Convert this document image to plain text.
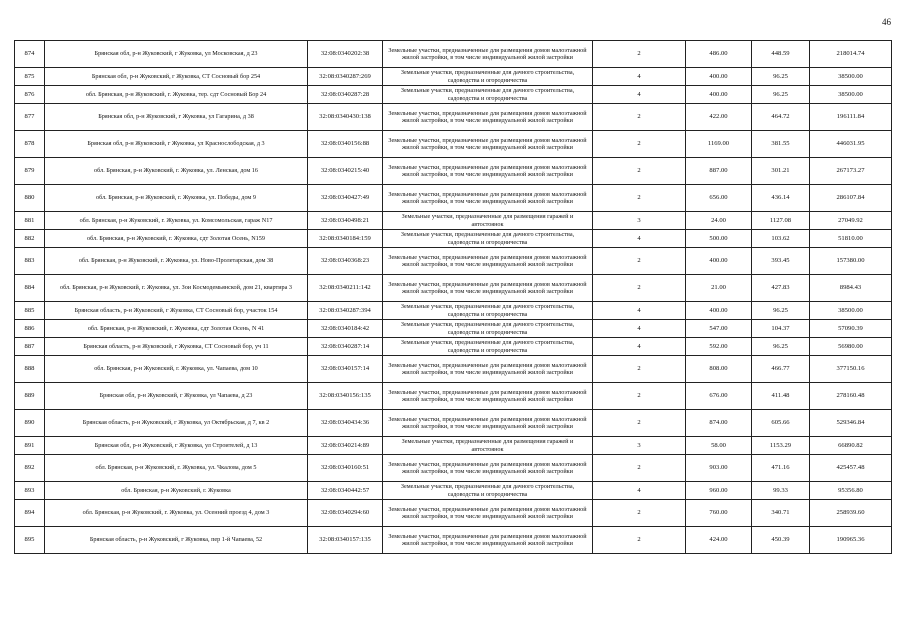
46
874	Брянская обл, р-н Жуковский, г Жуковка, ул Московская, д 23	32:08:0340202:38	Земельные участки, предназначенные для размещения домов малоэтажной жилой застройки, в том числе индивидуальной жилой застройки	2	486.00	448.59	218014.74
875	Брянская обл, р-н Жуковский, г Жуковка, СТ Сосновый бор 254	32:08:0340287:269	Земельные участки, предназначенные для дачного строительства, садоводства и огородничества	4	400.00	96.25	38500.00
876	обл. Брянская, р-н Жуковский, г. Жуковка, тер. сдт Сосновый Бор 24	32:08:0340287:28	Земельные участки, предназначенные для дачного строительства, садоводства и огородничества	4	400.00	96.25	38500.00
877	Брянская обл, р-н Жуковский, г Жуковка, ул Гагарина, д 38	32:08:0340430:138	Земельные участки, предназначенные для размещения домов малоэтажной жилой застройки, в том числе индивидуальной жилой застройки	2	422.00	464.72	196111.84
878	Брянская обл, р-н Жуковский, г Жуковка, ул Краснослободская, д 3	32:08:0340156:88	Земельные участки, предназначенные для размещения домов малоэтажной жилой застройки, в том числе индивидуальной жилой застройки	2	1169.00	381.55	446031.95
879	обл. Брянская, р-н Жуковский, г. Жуковка, ул. Ленская, дом 16	32:08:0340215:40	Земельные участки, предназначенные для размещения домов малоэтажной жилой застройки, в том числе индивидуальной жилой застройки	2	887.00	301.21	267173.27
880	обл. Брянская, р-н Жуковский, г. Жуковка, ул. Победы, дом 9	32:08:0340427:49	Земельные участки, предназначенные для размещения домов малоэтажной жилой застройки, в том числе индивидуальной жилой застройки	2	656.00	436.14	286107.84
881	обл. Брянская, р-н Жуковский, г. Жуковка, ул. Комсомольская, гараж N17	32:08:0340498:21	Земельные участки, предназначенные для размещения гаражей и автостоянок	3	24.00	1127.08	27049.92
882	обл. Брянская, р-н Жуковский, г. Жуковка, сдт Золотая Осень, N159	32:08:0340184:159	Земельные участки, предназначенные для дачного строительства, садоводства и огородничества	4	500.00	103.62	51810.00
883	обл. Брянская, р-н Жуковский, г. Жуковка, ул. Ново-Пролетарская, дом 38	32:08:0340368:23	Земельные участки, предназначенные для размещения домов малоэтажной жилой застройки, в том числе индивидуальной жилой застройки	2	400.00	393.45	157380.00
884	обл. Брянская, р-н Жуковский, г. Жуковка, ул. Зои Космодемьянской, дом 21, квартира 3	32:08:0340211:142	Земельные участки, предназначенные для размещения домов малоэтажной жилой застройки, в том числе индивидуальной жилой застройки	2	21.00	427.83	8984.43
885	Брянская область, р-н Жуковский, г Жуковка, СТ Сосновый бор, участок 154	32:08:0340287:394	Земельные участки, предназначенные для дачного строительства, садоводства и огородничества	4	400.00	96.25	38500.00
886	обл. Брянская, р-н Жуковский, г. Жуковка, сдт Золотая Осень, N 41	32:08:0340184:42	Земельные участки, предназначенные для дачного строительства, садоводства и огородничества	4	547.00	104.37	57090.39
887	Брянская область, р-н Жуковский, г Жуковка, СТ Сосновый бор, уч 11	32:08:0340287:14	Земельные участки, предназначенные для дачного строительства, садоводства и огородничества	4	592.00	96.25	56980.00
888	обл. Брянская, р-н Жуковский, г. Жуковка, ул. Чапаева, дом 10	32:08:0340157:14	Земельные участки, предназначенные для размещения домов малоэтажной жилой застройки, в том числе индивидуальной жилой застройки	2	808.00	466.77	377150.16
889	Брянская обл, р-н Жуковский, г Жуковка, ул Чапаева, д 23	32:08:0340156:135	Земельные участки, предназначенные для размещения домов малоэтажной жилой застройки, в том числе индивидуальной жилой застройки	2	676.00	411.48	278160.48
890	Брянская область, р-н Жуковский, г Жуковка, ул Октябрьская, д 7, кв 2	32:08:0340434:36	Земельные участки, предназначенные для размещения домов малоэтажной жилой застройки, в том числе индивидуальной жилой застройки	2	874.00	605.66	529346.84
891	Брянская обл, р-н Жуковский, г Жуковка, ул Строителей, д 13	32:08:0340214:89	Земельные участки, предназначенные для размещения гаражей и автостоянок	3	58.00	1153.29	66890.82
892	обл. Брянская, р-н Жуковский, г. Жуковка, ул. Чкалова, дом 5	32:08:0340160:51	Земельные участки, предназначенные для размещения домов малоэтажной жилой застройки, в том числе индивидуальной жилой застройки	2	903.00	471.16	425457.48
893	обл. Брянская, р-н Жуковский, г. Жуковка	32:08:0340442:57	Земельные участки, предназначенные для дачного строительства, садоводства и огородничества	4	960.00	99.33	95356.80
894	обл. Брянская, р-н Жуковский, г. Жуковка, ул. Осенний проезд 4, дом 3	32:08:0340294:60	Земельные участки, предназначенные для размещения домов малоэтажной жилой застройки, в том числе индивидуальной жилой застройки	2	760.00	340.71	258939.60
895	Брянская область, р-н Жуковский, г Жуковка, пер 1-й Чапаева, 52	32:08:0340157:135	Земельные участки, предназначенные для размещения домов малоэтажной жилой застройки, в том числе индивидуальной жилой застройки	2	424.00	450.39	190965.36
